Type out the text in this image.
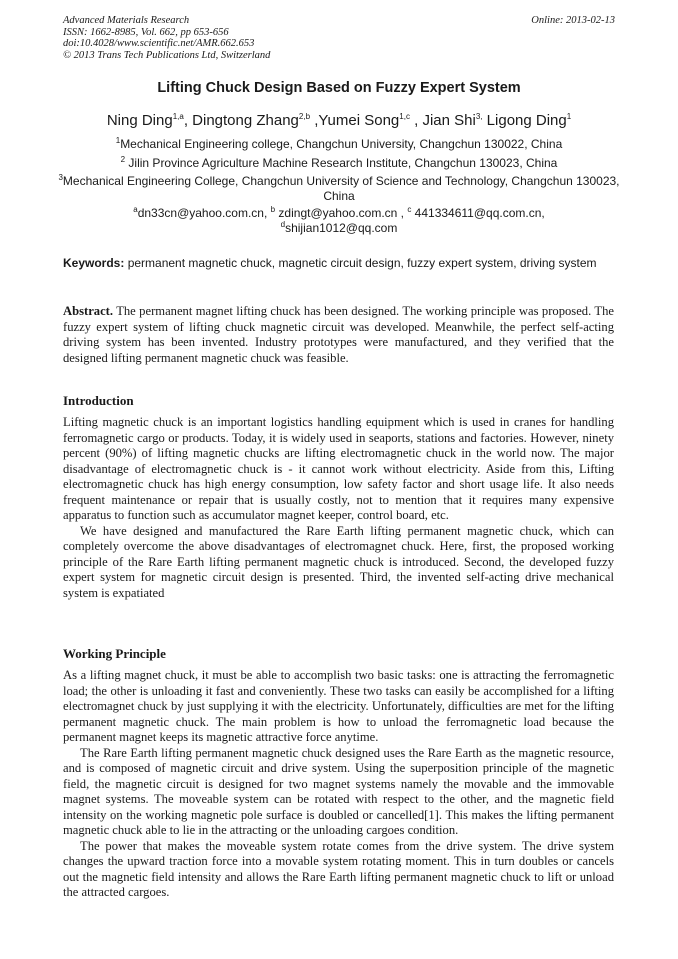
Advanced Materials Research
ISSN: 1662-8985, Vol. 662, pp 653-656
doi:10.4028/www.scientific.net/AMR.662.653
© 2013 Trans Tech Publications Ltd, Switzerland
Online: 2013-02-13
Lifting Chuck Design Based on Fuzzy Expert System
Ning Ding$^{1,a}$, Dingtong Zhang$^{2,b}$ ,Yumei Song$^{1,c}$ , Jian Shi$^{3,}$ Ligong Ding$^1$
$^1$Mechanical Engineering college, Changchun University, Changchun 130022, China
$^2$ Jilin Province Agriculture Machine Research Institute, Changchun 130023, China
$^3$Mechanical Engineering College, Changchun University of Science and Technology, Changchun 130023, China
$^a$dn33cn@yahoo.com.cn, $^b$ zdingt@yahoo.com.cn , $^c$ 441334611@qq.com.cn,
$^d$shijian1012@qq.com
Keywords: permanent magnetic chuck, magnetic circuit design, fuzzy expert system, driving system
Abstract. The permanent magnet lifting chuck has been designed. The working principle was proposed. The fuzzy expert system of lifting chuck magnetic circuit was developed. Meanwhile, the perfect self-acting driving system has been invented. Industry prototypes were manufactured, and they verified that the designed lifting permanent magnetic chuck was feasible.
Introduction

Lifting magnetic chuck is an important logistics handling equipment which is used in cranes for handling ferromagnetic cargo or products. Today, it is widely used in seaports, stations and factories. However, ninety percent (90%) of lifting magnetic chucks are lifting electromagnetic chuck in the world now. The major disadvantage of electromagnetic chuck is - it cannot work without electricity. Aside from this, Lifting electromagnetic chuck has high energy consumption, low safety factor and short usage life. It also needs frequent maintenance or repair that is usually costly, not to mention that it requires many expensive apparatus to function such as accumulator magnet keeper, control board, etc.

We have designed and manufactured the Rare Earth lifting permanent magnetic chuck, which can completely overcome the above disadvantages of electromagnet chuck. Here, first, the proposed working principle of the Rare Earth lifting permanent magnetic chuck is introduced. Second, the developed fuzzy expert system for magnetic circuit design is presented. Third, the invented self-acting drive mechanical system is expatiated

Working Principle

As a lifting magnet chuck, it must be able to accomplish two basic tasks: one is attracting the ferromagnetic load; the other is unloading it fast and conveniently. These two tasks can easily be accomplished for a lifting electromagnet chuck by just supplying it with the electricity. Unfortunately, difficulties are met for the lifting permanent magnetic chuck. The main problem is how to unload the ferromagnetic load because the permanent magnet keeps its magnetic attractive force anytime.

The Rare Earth lifting permanent magnetic chuck designed uses the Rare Earth as the magnetic resource, and is composed of magnetic circuit and drive system. Using the superposition principle of the magnetic field, the magnetic circuit is designed for two magnet systems namely the movable and the immovable magnet systems. The moveable system can be rotated with respect to the other, and the magnetic field intensity on the working magnetic pole surface is doubled or cancelled[1]. This makes the lifting permanent magnetic chuck able to lie in the attracting or the unloading cargoes condition.

The power that makes the moveable system rotate comes from the drive system. The drive system changes the upward traction force into a movable system rotating moment. This in turn doubles or cancels out the magnetic field intensity and allows the Rare Earth lifting permanent magnetic chuck to lift or unload the attracted cargoes.
